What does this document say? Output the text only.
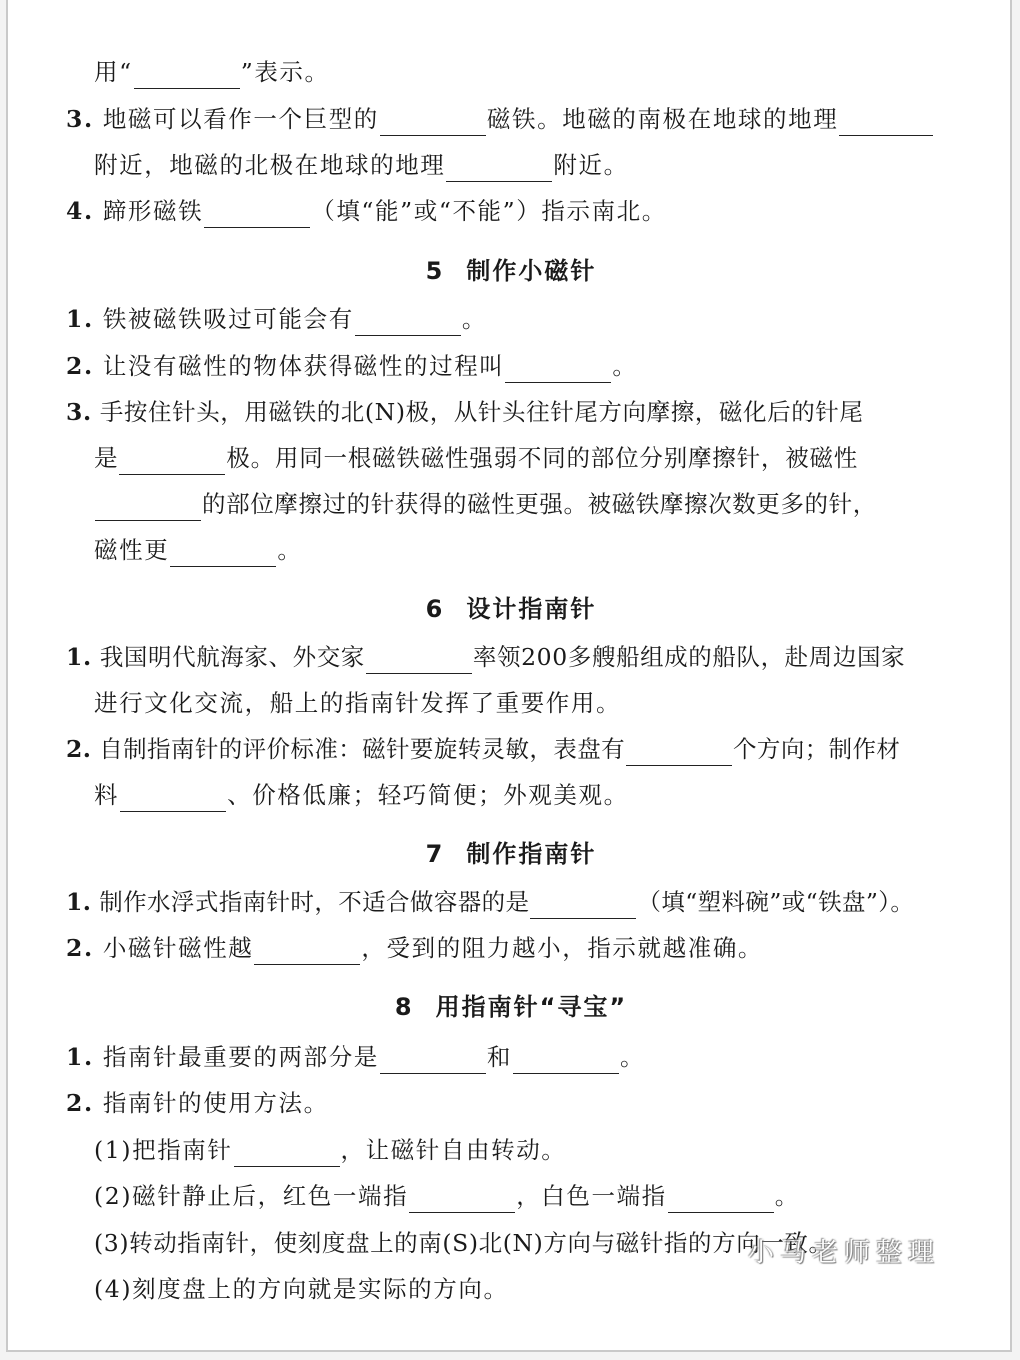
用“	”表示。
3. 地磁可以看作一个巨型的	磁铁。地磁的南极在地球的地理
附近，地磁的北极在地球的地理	附近。
4. 蹄形磁铁	（填“能”或“不能”）指示南北。
5 制作小磁针
1. 铁被磁铁吸过可能会有	。
2. 让没有磁性的物体获得磁性的过程叫	。
3. 手按住针头，用磁铁的北(N)极，从针头往针尾方向摩擦，磁化后的针尾
是	极。用同一根磁铁磁性强弱不同的部位分别摩擦针，被磁性
的部位摩擦过的针获得的磁性更强。被磁铁摩擦次数更多的针，
磁性更	。
6 设计指南针
1. 我国明代航海家、外交家	率领200多艘船组成的船队，赴周边国家
进行文化交流，船上的指南针发挥了重要作用。
2. 自制指南针的评价标准：磁针要旋转灵敏，表盘有	个方向；制作材
料	、价格低廉；轻巧简便；外观美观。
7 制作指南针
1. 制作水浮式指南针时，不适合做容器的是	（填“塑料碗”或“铁盘”）。
2. 小磁针磁性越	，受到的阻力越小，指示就越准确。
8 用指南针“寻宝”
1. 指南针最重要的两部分是	和	。
2. 指南针的使用方法。
(1)把指南针	，让磁针自由转动。
(2)磁针静止后，红色一端指	，白色一端指	。
(3)转动指南针，使刻度盘上的南(S)北(N)方向与磁针指的方向一致。
(4)刻度盘上的方向就是实际的方向。
小马老师整理
